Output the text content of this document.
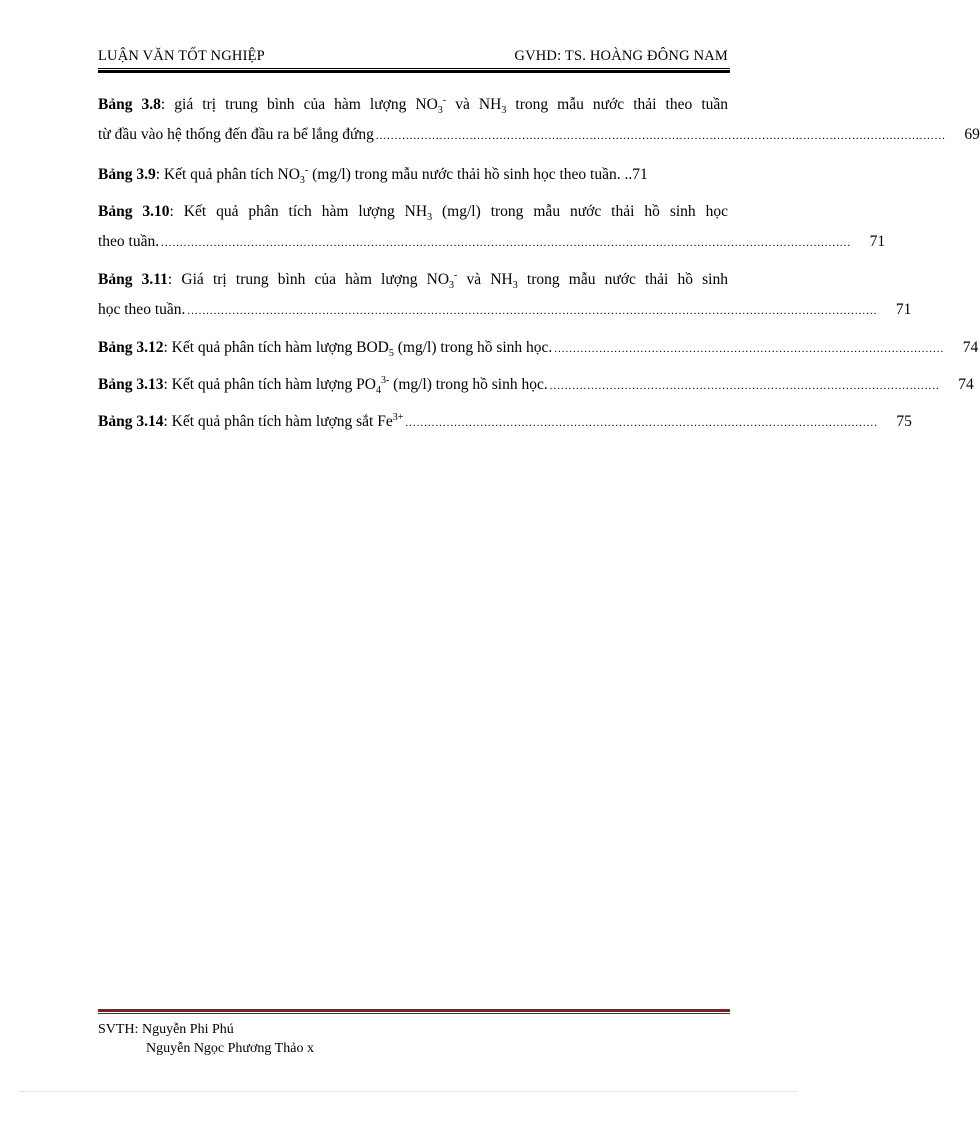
LUẬN VĂN TỐT NGHIỆP	GVHD: TS. HOÀNG ĐÔNG NAM
Bảng 3.8: giá trị trung bình của hàm lượng $NO_3^-$ và $NH_3$ trong mẫu nước thải theo tuần
từ đầu vào hệ thống đến đầu ra bể lắng đứng ........................................................................................................................................................	69
Bảng 3.9: Kết quả phân tích $NO_3^-$ (mg/l) trong mẫu nước thải hồ sinh học theo tuần. .. 71
Bảng 3.10: Kết quả phân tích hàm lượng $NH_3$ (mg/l) trong mẫu nước thải hồ sinh học
theo tuần. ........................................................................................................................................................................................	71
Bảng 3.11: Giá trị trung bình của hàm lượng $NO_3^-$ và $NH_3$ trong mẫu nước thải hồ sinh
học theo tuần. ........................................................................................................................................................................................	71
Bảng 3.12: Kết quả phân tích hàm lượng $BOD_5$ (mg/l) trong hồ sinh học. ........................................................................................................	74
Bảng 3.13: Kết quả phân tích hàm lượng $PO_4^{3-}$ (mg/l) trong hồ sinh học. ........................................................................................................	74
Bảng 3.14: Kết quả phân tích hàm lượng sắt $Fe^{3+}$ ..............................................................................................................................	75
SVTH: Nguyễn Phi Phú
Nguyễn Ngọc Phương Thảo x
